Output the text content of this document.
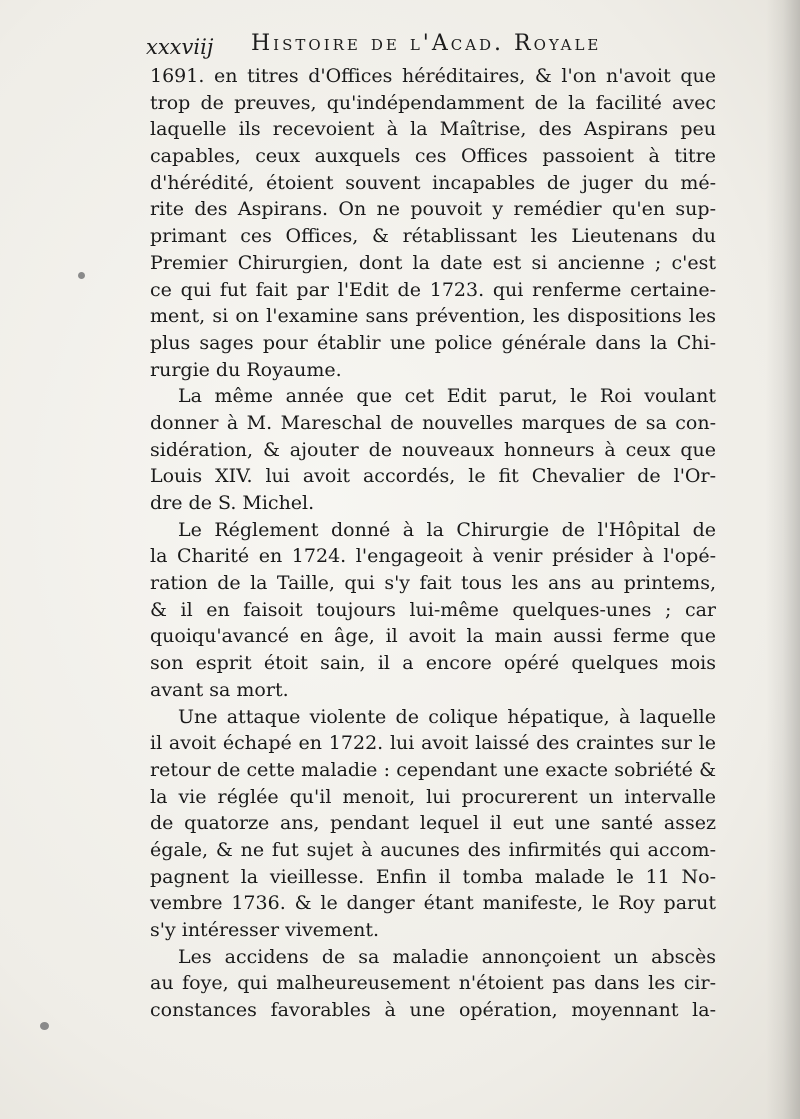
xxxviij Histoire de l'Acad. Royale
1691. en titres d'Offices héréditaires, & l'on n'avoit que
trop de preuves, qu'indépendamment de la facilité avec
laquelle ils recevoient à la Maîtrise, des Aspirans peu
capables, ceux auxquels ces Offices passoient à titre
d'hérédité, étoient souvent incapables de juger du mé-
rite des Aspirans. On ne pouvoit y remédier qu'en sup-
primant ces Offices, & rétablissant les Lieutenans du
Premier Chirurgien, dont la date est si ancienne ; c'est
ce qui fut fait par l'Edit de 1723. qui renferme certaine-
ment, si on l'examine sans prévention, les dispositions les
plus sages pour établir une police générale dans la Chi-
rurgie du Royaume.
La même année que cet Edit parut, le Roi voulant
donner à M. Mareschal de nouvelles marques de sa con-
sidération, & ajouter de nouveaux honneurs à ceux que
Louis XIV. lui avoit accordés, le fit Chevalier de l'Or-
dre de S. Michel.
Le Réglement donné à la Chirurgie de l'Hôpital de
la Charité en 1724. l'engageoit à venir présider à l'opé-
ration de la Taille, qui s'y fait tous les ans au printems,
& il en faisoit toujours lui-même quelques-unes ; car
quoiqu'avancé en âge, il avoit la main aussi ferme que
son esprit étoit sain, il a encore opéré quelques mois
avant sa mort.
Une attaque violente de colique hépatique, à laquelle
il avoit échapé en 1722. lui avoit laissé des craintes sur le
retour de cette maladie : cependant une exacte sobriété &
la vie réglée qu'il menoit, lui procurerent un intervalle
de quatorze ans, pendant lequel il eut une santé assez
égale, & ne fut sujet à aucunes des infirmités qui accom-
pagnent la vieillesse. Enfin il tomba malade le 11 No-
vembre 1736. & le danger étant manifeste, le Roy parut
s'y intéresser vivement.
Les accidens de sa maladie annonçoient un abscès
au foye, qui malheureusement n'étoient pas dans les cir-
constances favorables à une opération, moyennant la-
